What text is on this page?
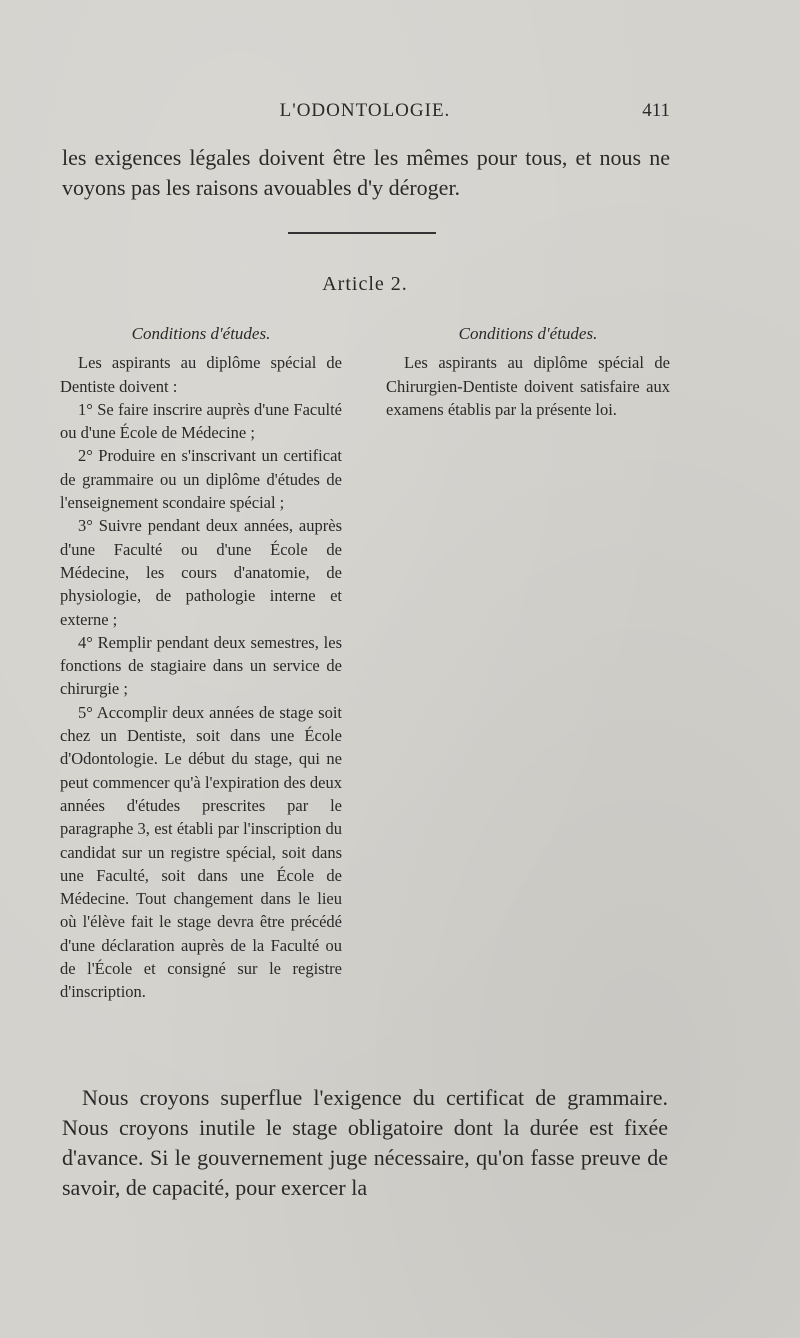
L'ODONTOLOGIE.	411

les exigences légales doivent être les mêmes pour tous, et nous ne voyons pas les raisons avouables d'y déroger.

Article 2.
Conditions d'études.

Les aspirants au diplôme spécial de Dentiste doivent :

1° Se faire inscrire auprès d'une Faculté ou d'une École de Médecine ;

2° Produire en s'inscrivant un certificat de grammaire ou un diplôme d'études de l'enseignement scondaire spécial ;

3° Suivre pendant deux années, auprès d'une Faculté ou d'une École de Médecine, les cours d'anatomie, de physiologie, de pathologie interne et externe ;

4° Remplir pendant deux semestres, les fonctions de stagiaire dans un service de chirurgie ;

5° Accomplir deux années de stage soit chez un Dentiste, soit dans une École d'Odontologie. Le début du stage, qui ne peut commencer qu'à l'expiration des deux années d'études prescrites par le paragraphe 3, est établi par l'inscription du candidat sur un registre spécial, soit dans une Faculté, soit dans une École de Médecine. Tout changement dans le lieu où l'élève fait le stage devra être précédé d'une déclaration auprès de la Faculté ou de l'École et consigné sur le registre d'inscription.

Conditions d'études.

Les aspirants au diplôme spécial de Chirurgien-Dentiste doivent satisfaire aux examens établis par la présente loi.

Nous croyons superflue l'exigence du certificat de grammaire. Nous croyons inutile le stage obligatoire dont la durée est fixée d'avance. Si le gouvernement juge nécessaire, qu'on fasse preuve de savoir, de capacité, pour exercer la
